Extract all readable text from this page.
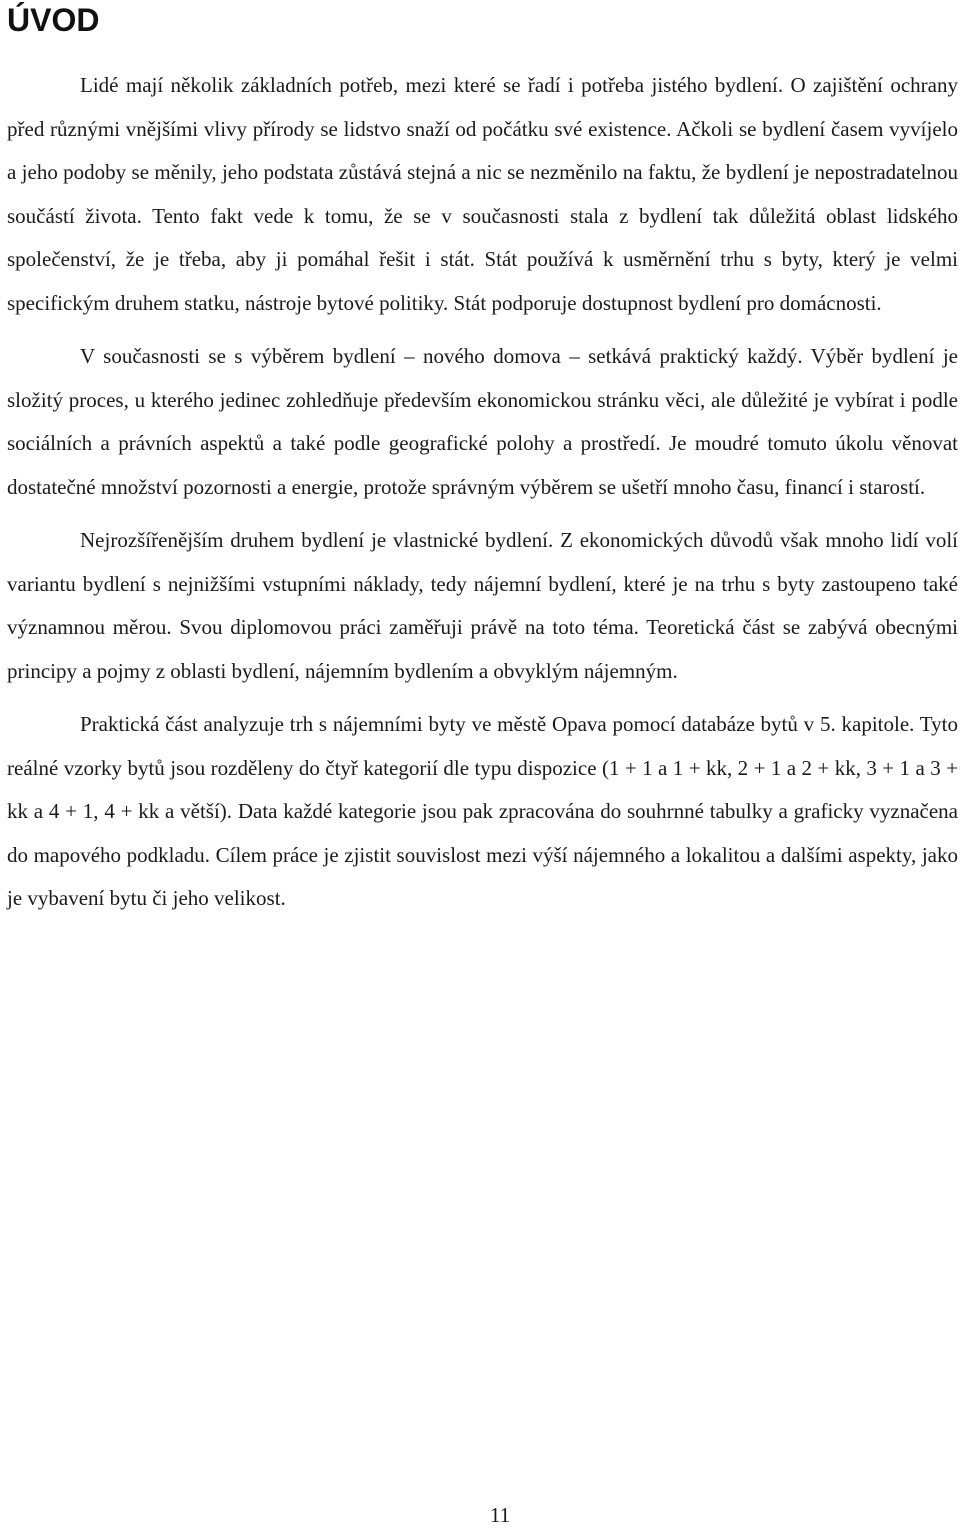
ÚVOD

Lidé mají několik základních potřeb, mezi které se řadí i potřeba jistého bydlení. O zajištění ochrany před různými vnějšími vlivy přírody se lidstvo snaží od počátku své existence. Ačkoli se bydlení časem vyvíjelo a jeho podoby se měnily, jeho podstata zůstává stejná a nic se nezměnilo na faktu, že bydlení je nepostradatelnou součástí života. Tento fakt vede k tomu, že se v současnosti stala z bydlení tak důležitá oblast lidského společenství, že je třeba, aby ji pomáhal řešit i stát. Stát používá k usměrnění trhu s byty, který je velmi specifickým druhem statku, nástroje bytové politiky. Stát podporuje dostupnost bydlení pro domácnosti.

V současnosti se s výběrem bydlení – nového domova – setkává praktický každý. Výběr bydlení je složitý proces, u kterého jedinec zohledňuje především ekonomickou stránku věci, ale důležité je vybírat i podle sociálních a právních aspektů a také podle geografické polohy a prostředí. Je moudré tomuto úkolu věnovat dostatečné množství pozornosti a energie, protože správným výběrem se ušetří mnoho času, financí i starostí.

Nejrozšířenějším druhem bydlení je vlastnické bydlení. Z ekonomických důvodů však mnoho lidí volí variantu bydlení s nejnižšími vstupními náklady, tedy nájemní bydlení, které je na trhu s byty zastoupeno také významnou měrou. Svou diplomovou práci zaměřuji právě na toto téma. Teoretická část se zabývá obecnými principy a pojmy z oblasti bydlení, nájemním bydlením a obvyklým nájemným.

Praktická část analyzuje trh s nájemními byty ve městě Opava pomocí databáze bytů v 5. kapitole. Tyto reálné vzorky bytů jsou rozděleny do čtyř kategorií dle typu dispozice (1 + 1 a 1 + kk, 2 + 1 a 2 + kk, 3 + 1 a 3 + kk a 4 + 1, 4 + kk a větší). Data každé kategorie jsou pak zpracována do souhrnné tabulky a graficky vyznačena do mapového podkladu. Cílem práce je zjistit souvislost mezi výší nájemného a lokalitou a dalšími aspekty, jako je vybavení bytu či jeho velikost.

11
